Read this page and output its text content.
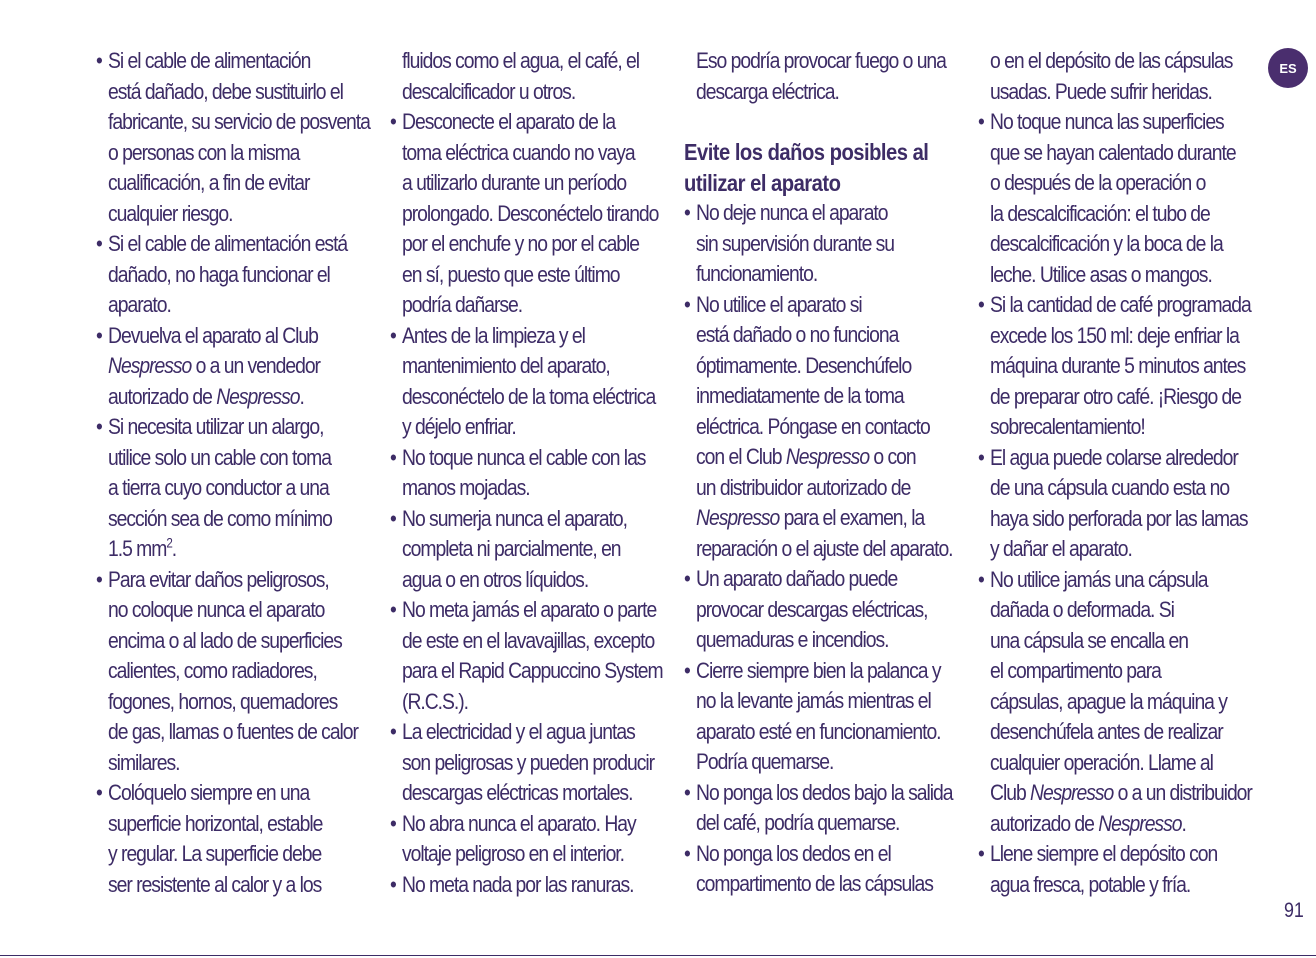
• Si el cable de alimentación
está dañado, debe sustituirlo el
fabricante, su servicio de posventa
o personas con la misma
cualificación, a fin de evitar
cualquier riesgo.
• Si el cable de alimentación está
dañado, no haga funcionar el
aparato.
• Devuelva el aparato al Club
Nespresso o a un vendedor
autorizado de Nespresso.
• Si necesita utilizar un alargo,
utilice solo un cable con toma
a tierra cuyo conductor a una
sección sea de como mínimo
1.5 $mm^2$.
• Para evitar daños peligrosos,
no coloque nunca el aparato
encima o al lado de superficies
calientes, como radiadores,
fogones, hornos, quemadores
de gas, llamas o fuentes de calor
similares.
• Colóquelo siempre en una
superficie horizontal, estable
y regular. La superficie debe
ser resistente al calor y a los
fluidos como el agua, el café, el
descalcificador u otros.
• Desconecte el aparato de la
toma eléctrica cuando no vaya
a utilizarlo durante un período
prolongado. Desconéctelo tirando
por el enchufe y no por el cable
en sí, puesto que este último
podría dañarse.
• Antes de la limpieza y el
mantenimiento del aparato,
desconéctelo de la toma eléctrica
y déjelo enfriar.
• No toque nunca el cable con las
manos mojadas.
• No sumerja nunca el aparato,
completa ni parcialmente, en
agua o en otros líquidos.
• No meta jamás el aparato o parte
de este en el lavavajillas, excepto
para el Rapid Cappuccino System
(R.C.S.).
• La electricidad y el agua juntas
son peligrosas y pueden producir
descargas eléctricas mortales.
• No abra nunca el aparato. Hay
voltaje peligroso en el interior.
• No meta nada por las ranuras.
Eso podría provocar fuego o una
descarga eléctrica.
Evite los daños posibles al
utilizar el aparato
• No deje nunca el aparato
sin supervisión durante su
funcionamiento.
• No utilice el aparato si
está dañado o no funciona
óptimamente. Desenchúfelo
inmediatamente de la toma
eléctrica. Póngase en contacto
con el Club Nespresso o con
un distribuidor autorizado de
Nespresso para el examen, la
reparación o el ajuste del aparato.
• Un aparato dañado puede
provocar descargas eléctricas,
quemaduras e incendios.
• Cierre siempre bien la palanca y
no la levante jamás mientras el
aparato esté en funcionamiento.
Podría quemarse.
• No ponga los dedos bajo la salida
del café, podría quemarse.
• No ponga los dedos en el
compartimento de las cápsulas
o en el depósito de las cápsulas
usadas. Puede sufrir heridas.
• No toque nunca las superficies
que se hayan calentado durante
o después de la operación o
la descalcificación: el tubo de
descalcificación y la boca de la
leche. Utilice asas o mangos.
• Si la cantidad de café programada
excede los 150 ml: deje enfriar la
máquina durante 5 minutos antes
de preparar otro café. ¡Riesgo de
sobrecalentamiento!
• El agua puede colarse alrededor
de una cápsula cuando esta no
haya sido perforada por las lamas
y dañar el aparato.
• No utilice jamás una cápsula
dañada o deformada. Si
una cápsula se encalla en
el compartimento para
cápsulas, apague la máquina y
desenchúfela antes de realizar
cualquier operación. Llame al
Club Nespresso o a un distribuidor
autorizado de Nespresso.
• Llene siempre el depósito con
agua fresca, potable y fría.
ES
91
